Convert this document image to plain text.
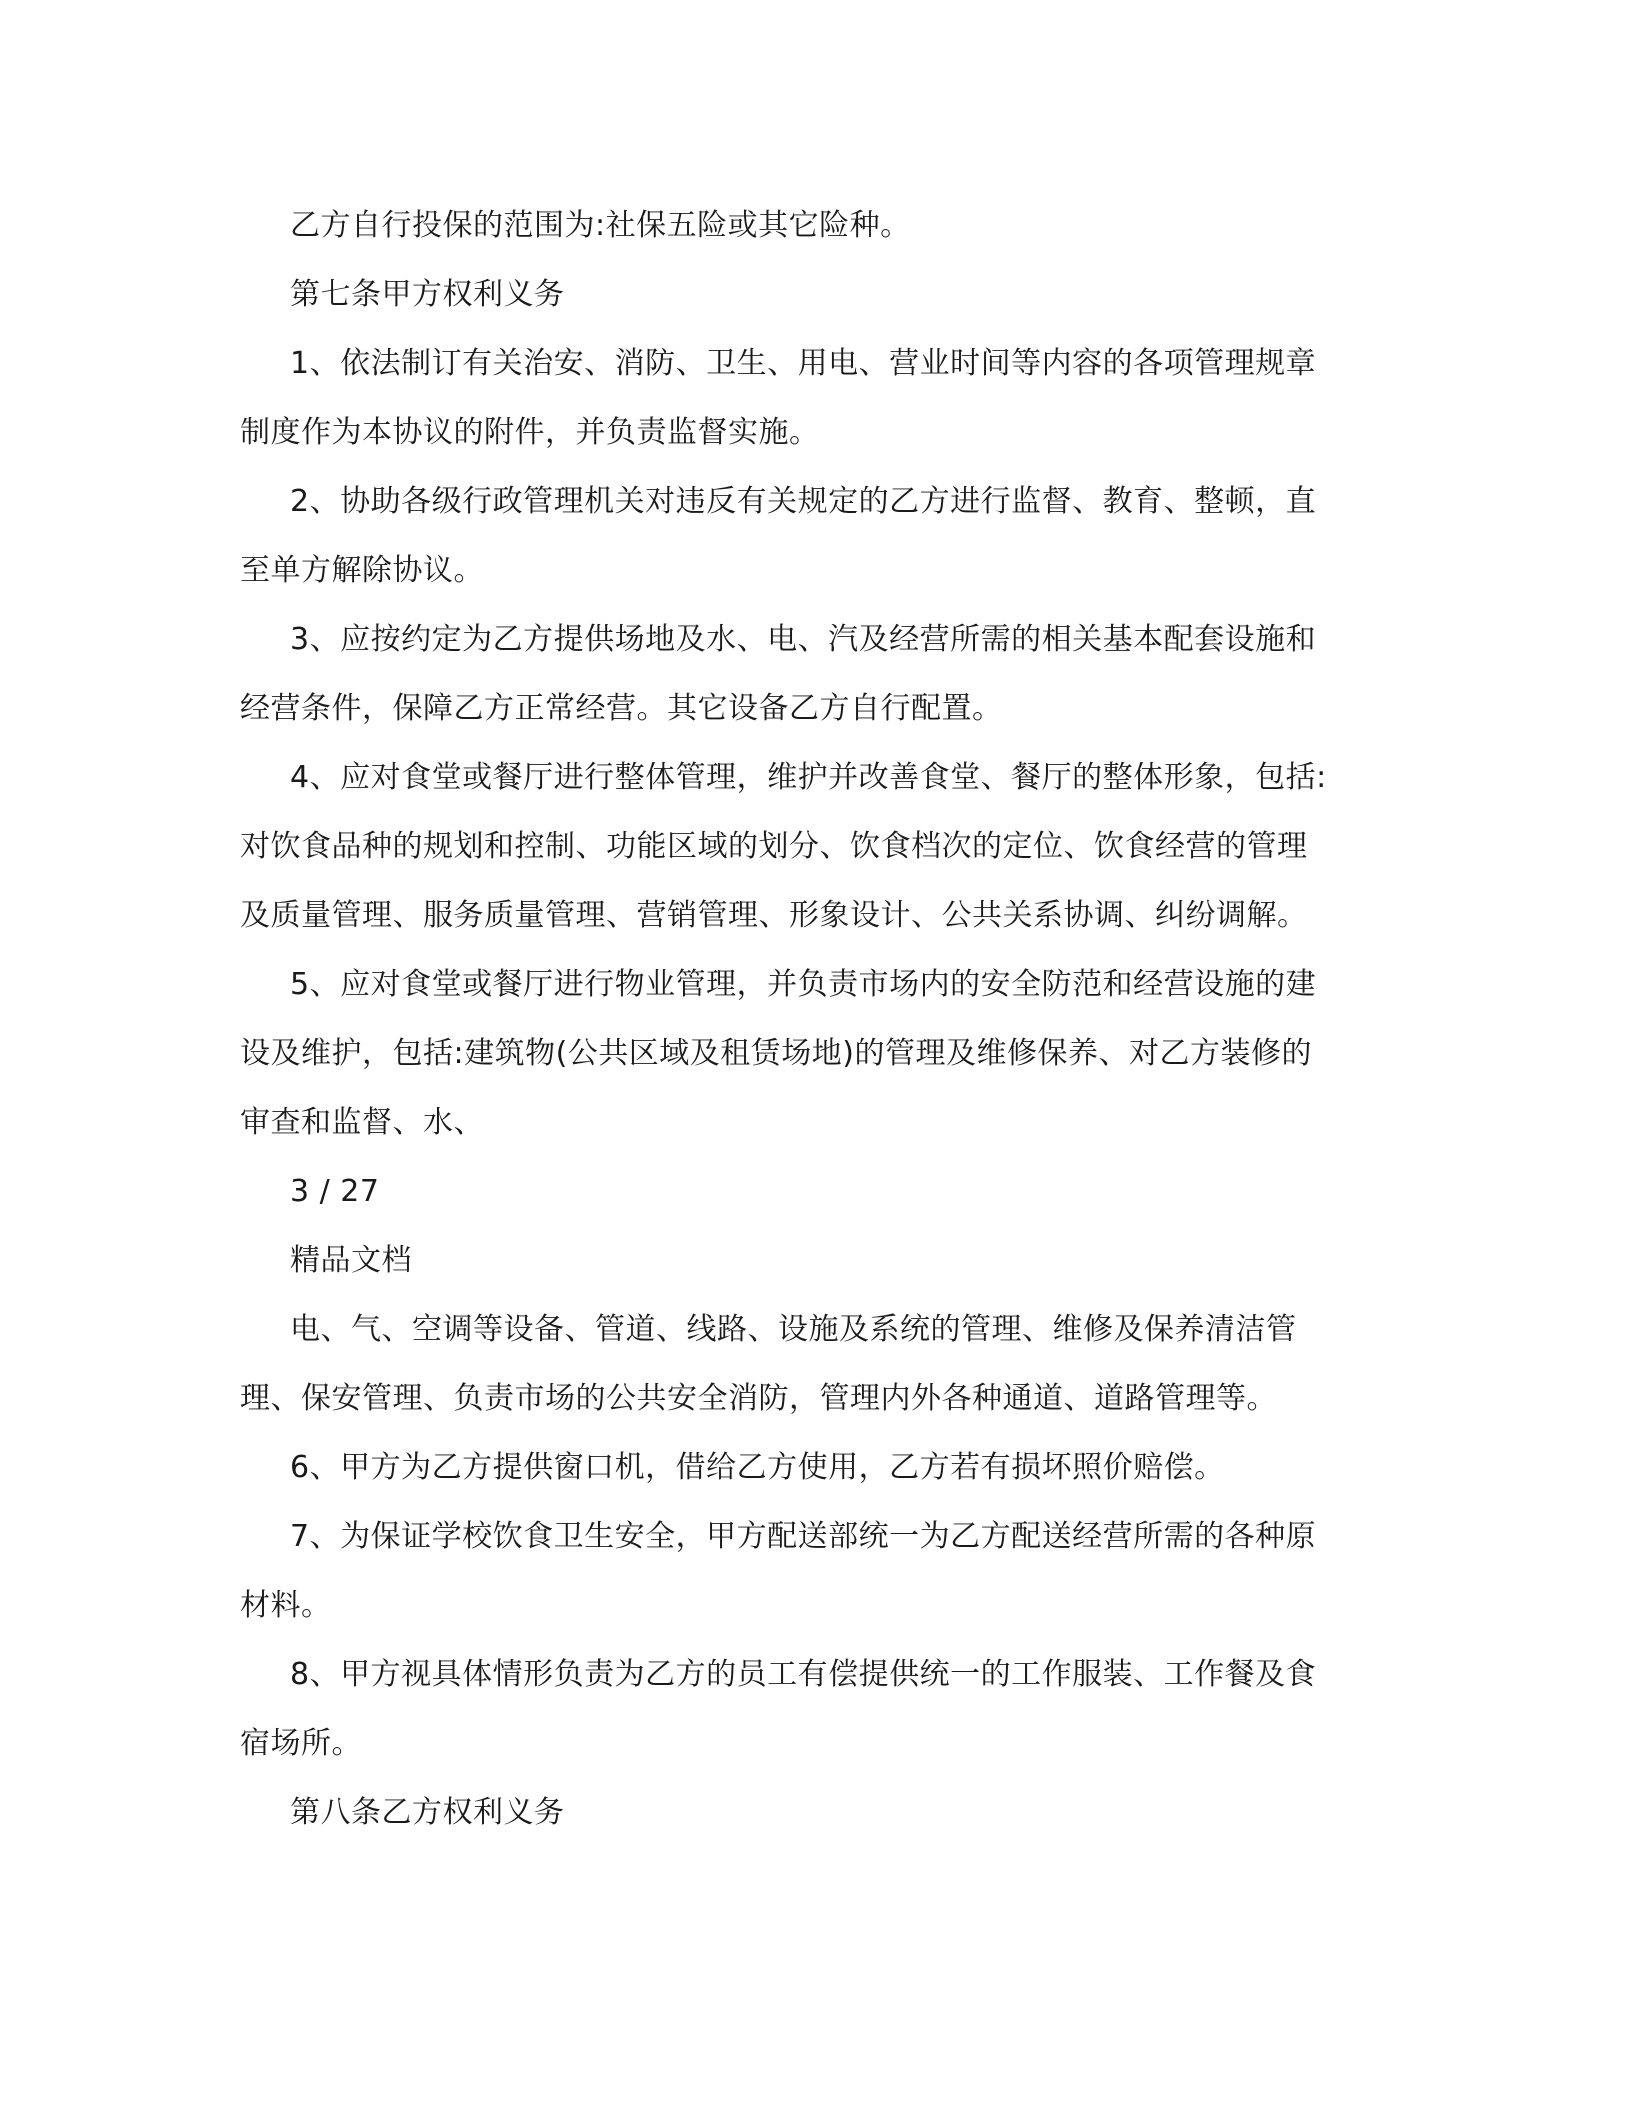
乙方自行投保的范围为:社保五险或其它险种。
第七条甲方权利义务
1、依法制订有关治安、消防、卫生、用电、营业时间等内容的各项管理规章
制度作为本协议的附件，并负责监督实施。
2、协助各级行政管理机关对违反有关规定的乙方进行监督、教育、整顿，直
至单方解除协议。
3、应按约定为乙方提供场地及水、电、汽及经营所需的相关基本配套设施和
经营条件，保障乙方正常经营。其它设备乙方自行配置。
4、应对食堂或餐厅进行整体管理，维护并改善食堂、餐厅的整体形象，包括:
对饮食品种的规划和控制、功能区域的划分、饮食档次的定位、饮食经营的管理
及质量管理、服务质量管理、营销管理、形象设计、公共关系协调、纠纷调解。
5、应对食堂或餐厅进行物业管理，并负责市场内的安全防范和经营设施的建
设及维护，包括:建筑物(公共区域及租赁场地)的管理及维修保养、对乙方装修的
审查和监督、水、
3 / 27
精品文档
电、气、空调等设备、管道、线路、设施及系统的管理、维修及保养清洁管
理、保安管理、负责市场的公共安全消防，管理内外各种通道、道路管理等。
6、甲方为乙方提供窗口机，借给乙方使用，乙方若有损坏照价赔偿。
7、为保证学校饮食卫生安全，甲方配送部统一为乙方配送经营所需的各种原
材料。
8、甲方视具体情形负责为乙方的员工有偿提供统一的工作服装、工作餐及食
宿场所。
第八条乙方权利义务
